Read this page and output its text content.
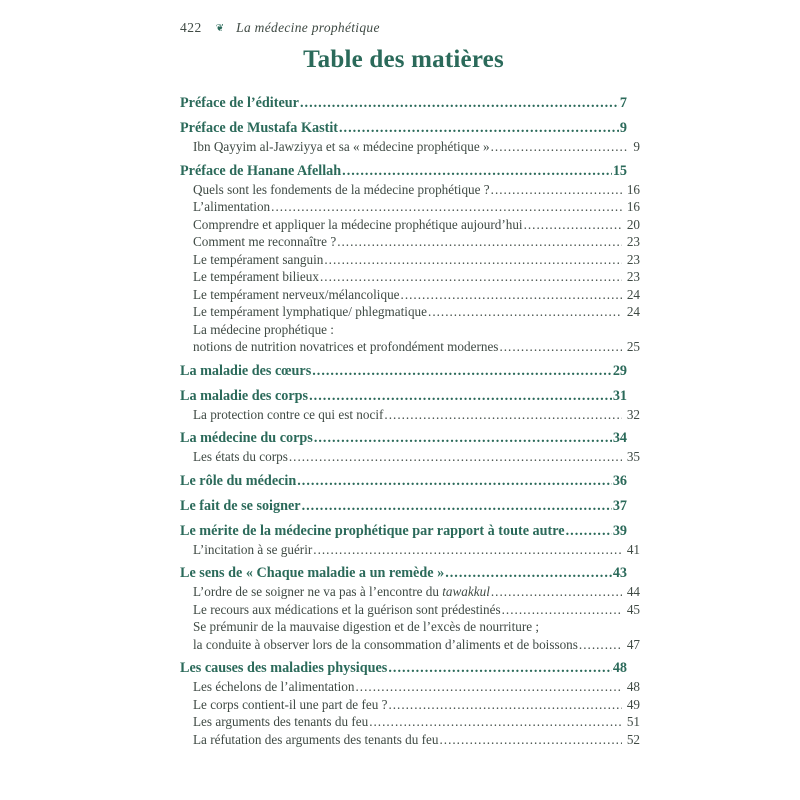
422 ❦ La médecine prophétique
Table des matières
Préface de l’éditeur .....	7
Préface de Mustafa Kastit .....	9
Ibn Qayyim al-Jawziyya et sa « médecine prophétique » .....	9
Préface de Hanane Afellah .....	15
Quels sont les fondements de la médecine prophétique ? .....	16
L’alimentation .....	16
Comprendre et appliquer la médecine prophétique aujourd’hui .....	20
Comment me reconnaître ? .....	23
Le tempérament sanguin .....	23
Le tempérament bilieux .....	23
Le tempérament nerveux/mélancolique .....	24
Le tempérament lymphatique/ phlegmatique .....	24
La médecine prophétique :
notions de nutrition novatrices et profondément modernes .....	25
La maladie des cœurs .....	29
La maladie des corps .....	31
La protection contre ce qui est nocif .....	32
La médecine du corps .....	34
Les états du corps .....	35
Le rôle du médecin .....	36
Le fait de se soigner .....	37
Le mérite de la médecine prophétique par rapport à toute autre .....	39
L’incitation à se guérir .....	41
Le sens de « Chaque maladie a un remède » .....	43
L’ordre de se soigner ne va pas à l’encontre du tawakkul .....	44
Le recours aux médications et la guérison sont prédestinés .....	45
Se prémunir de la mauvaise digestion et de l’excès de nourriture ;
la conduite à observer lors de la consommation d’aliments et de boissons .....	47
Les causes des maladies physiques .....	48
Les échelons de l’alimentation .....	48
Le corps contient-il une part de feu ? .....	49
Les arguments des tenants du feu .....	51
La réfutation des arguments des tenants du feu .....	52
